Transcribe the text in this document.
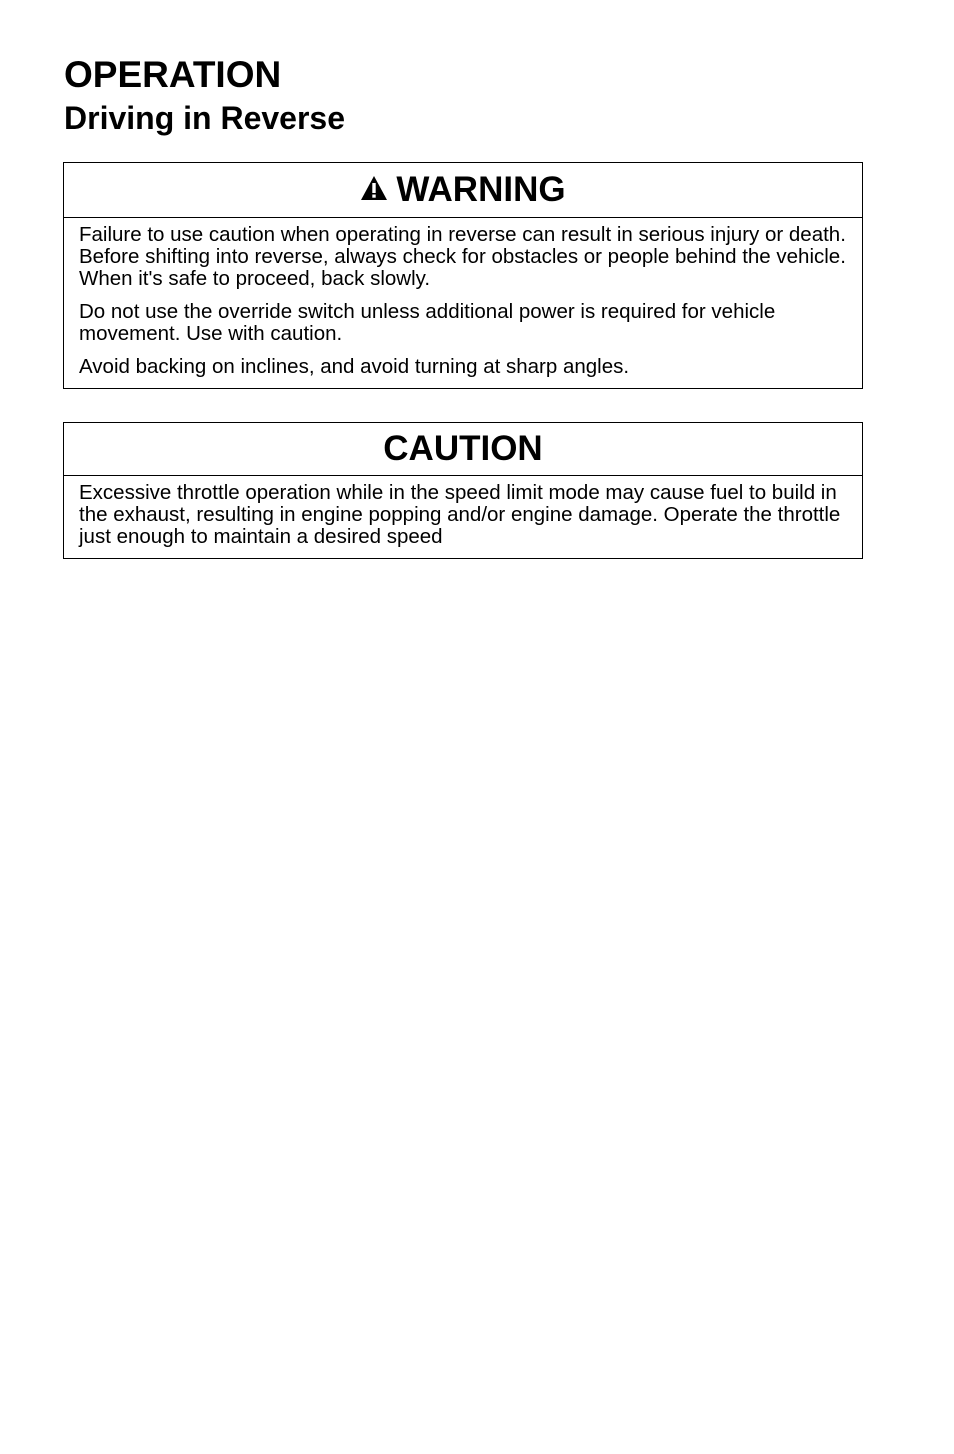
OPERATION
Driving in Reverse
WARNING

Failure to use caution when operating in reverse can result in serious injury or death. Before shifting into reverse, always check for obstacles or people behind the vehicle. When it's safe to proceed, back slowly.

Do not use the override switch unless additional power is required for vehicle movement. Use with caution.

Avoid backing on inclines, and avoid turning at sharp angles.

CAUTION

Excessive throttle operation while in the speed limit mode may cause fuel to build in the exhaust, resulting in engine popping and/or engine damage. Operate the throttle just enough to maintain a desired speed
